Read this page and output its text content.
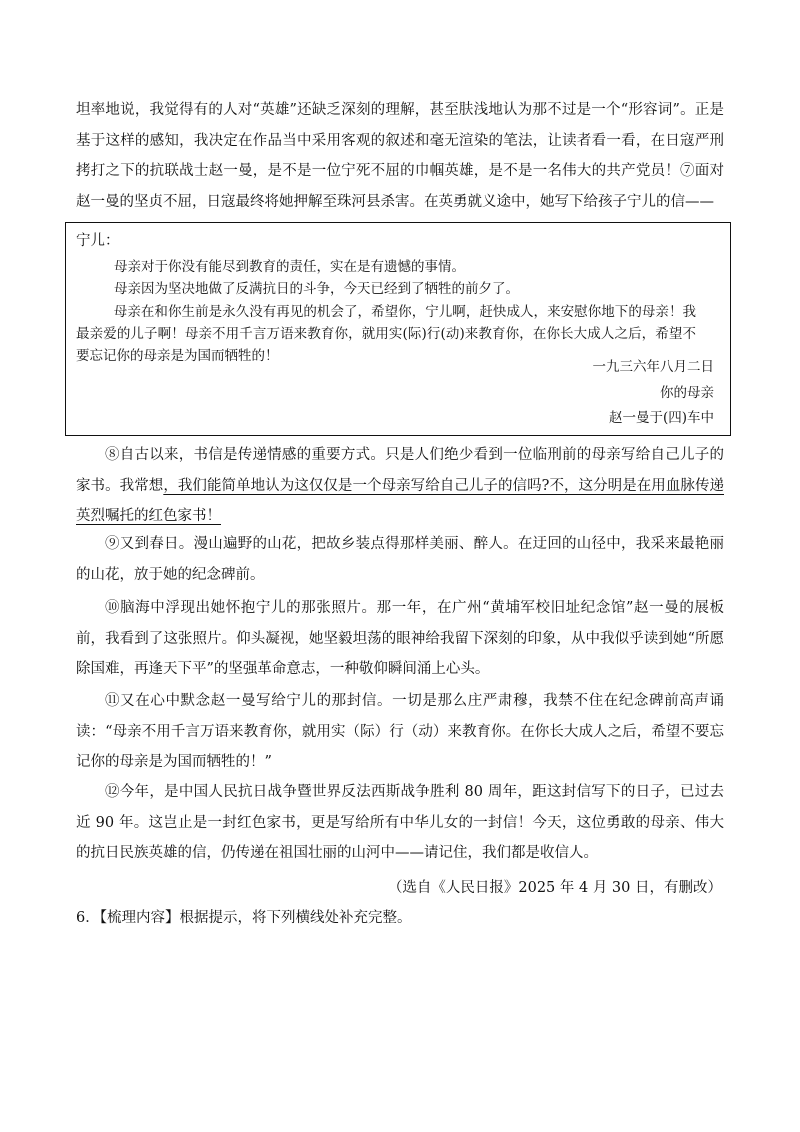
坦率地说，我觉得有的人对“英雄”还缺乏深刻的理解，甚至肤浅地认为那不过是一个“形容词”。正是基于这样的感知，我决定在作品当中采用客观的叙述和毫无渲染的笔法，让读者看一看，在日寇严刑拷打之下的抗联战士赵一曼，是不是一位宁死不屈的巾帼英雄，是不是一名伟大的共产党员！⑦面对赵一曼的坚贞不屈，日寇最终将她押解至珠河县杀害。在英勇就义途中，她写下给孩子宁儿的信——
宁儿：
母亲对于你没有能尽到教育的责任，实在是有遗憾的事情。
母亲因为坚决地做了反满抗日的斗争，今天已经到了牺牲的前夕了。
母亲在和你生前是永久没有再见的机会了，希望你，宁儿啊，赶快成人，来安慰你地下的母亲！我最亲爱的儿子啊！母亲不用千言万语来教育你，就用实(际)行(动)来教育你，在你长大成人之后，希望不要忘记你的母亲是为国而牺牲的！
一九三六年八月二日
你的母亲
赵一曼于(四)车中
⑧自古以来，书信是传递情感的重要方式。只是人们绝少看到一位临刑前的母亲写给自己儿子的家书。我常想，我们能简单地认为这仅仅是一个母亲写给自己儿子的信吗?不，这分明是在用血脉传递英烈嘱托的红色家书！
⑨又到春日。漫山遍野的山花，把故乡装点得那样美丽、醉人。在迂回的山径中，我采来最艳丽的山花，放于她的纪念碑前。
⑩脑海中浮现出她怀抱宁儿的那张照片。那一年，在广州“黄埔军校旧址纪念馆”赵一曼的展板前，我看到了这张照片。仰头凝视，她坚毅坦荡的眼神给我留下深刻的印象，从中我似乎读到她“所愿除国难，再逢天下平”的坚强革命意志，一种敬仰瞬间涌上心头。
⑪又在心中默念赵一曼写给宁儿的那封信。一切是那么庄严肃穆，我禁不住在纪念碑前高声诵读：“母亲不用千言万语来教育你，就用实（际）行（动）来教育你。在你长大成人之后，希望不要忘记你的母亲是为国而牺牲的！”
⑫今年，是中国人民抗日战争暨世界反法西斯战争胜利 80 周年，距这封信写下的日子，已过去近 90 年。这岂止是一封红色家书，更是写给所有中华儿女的一封信！今天，这位勇敢的母亲、伟大的抗日民族英雄的信，仍传递在祖国壮丽的山河中——请记住，我们都是收信人。
（选自《人民日报》2025 年 4 月 30 日，有删改）
6．【梳理内容】根据提示，将下列横线处补充完整。
